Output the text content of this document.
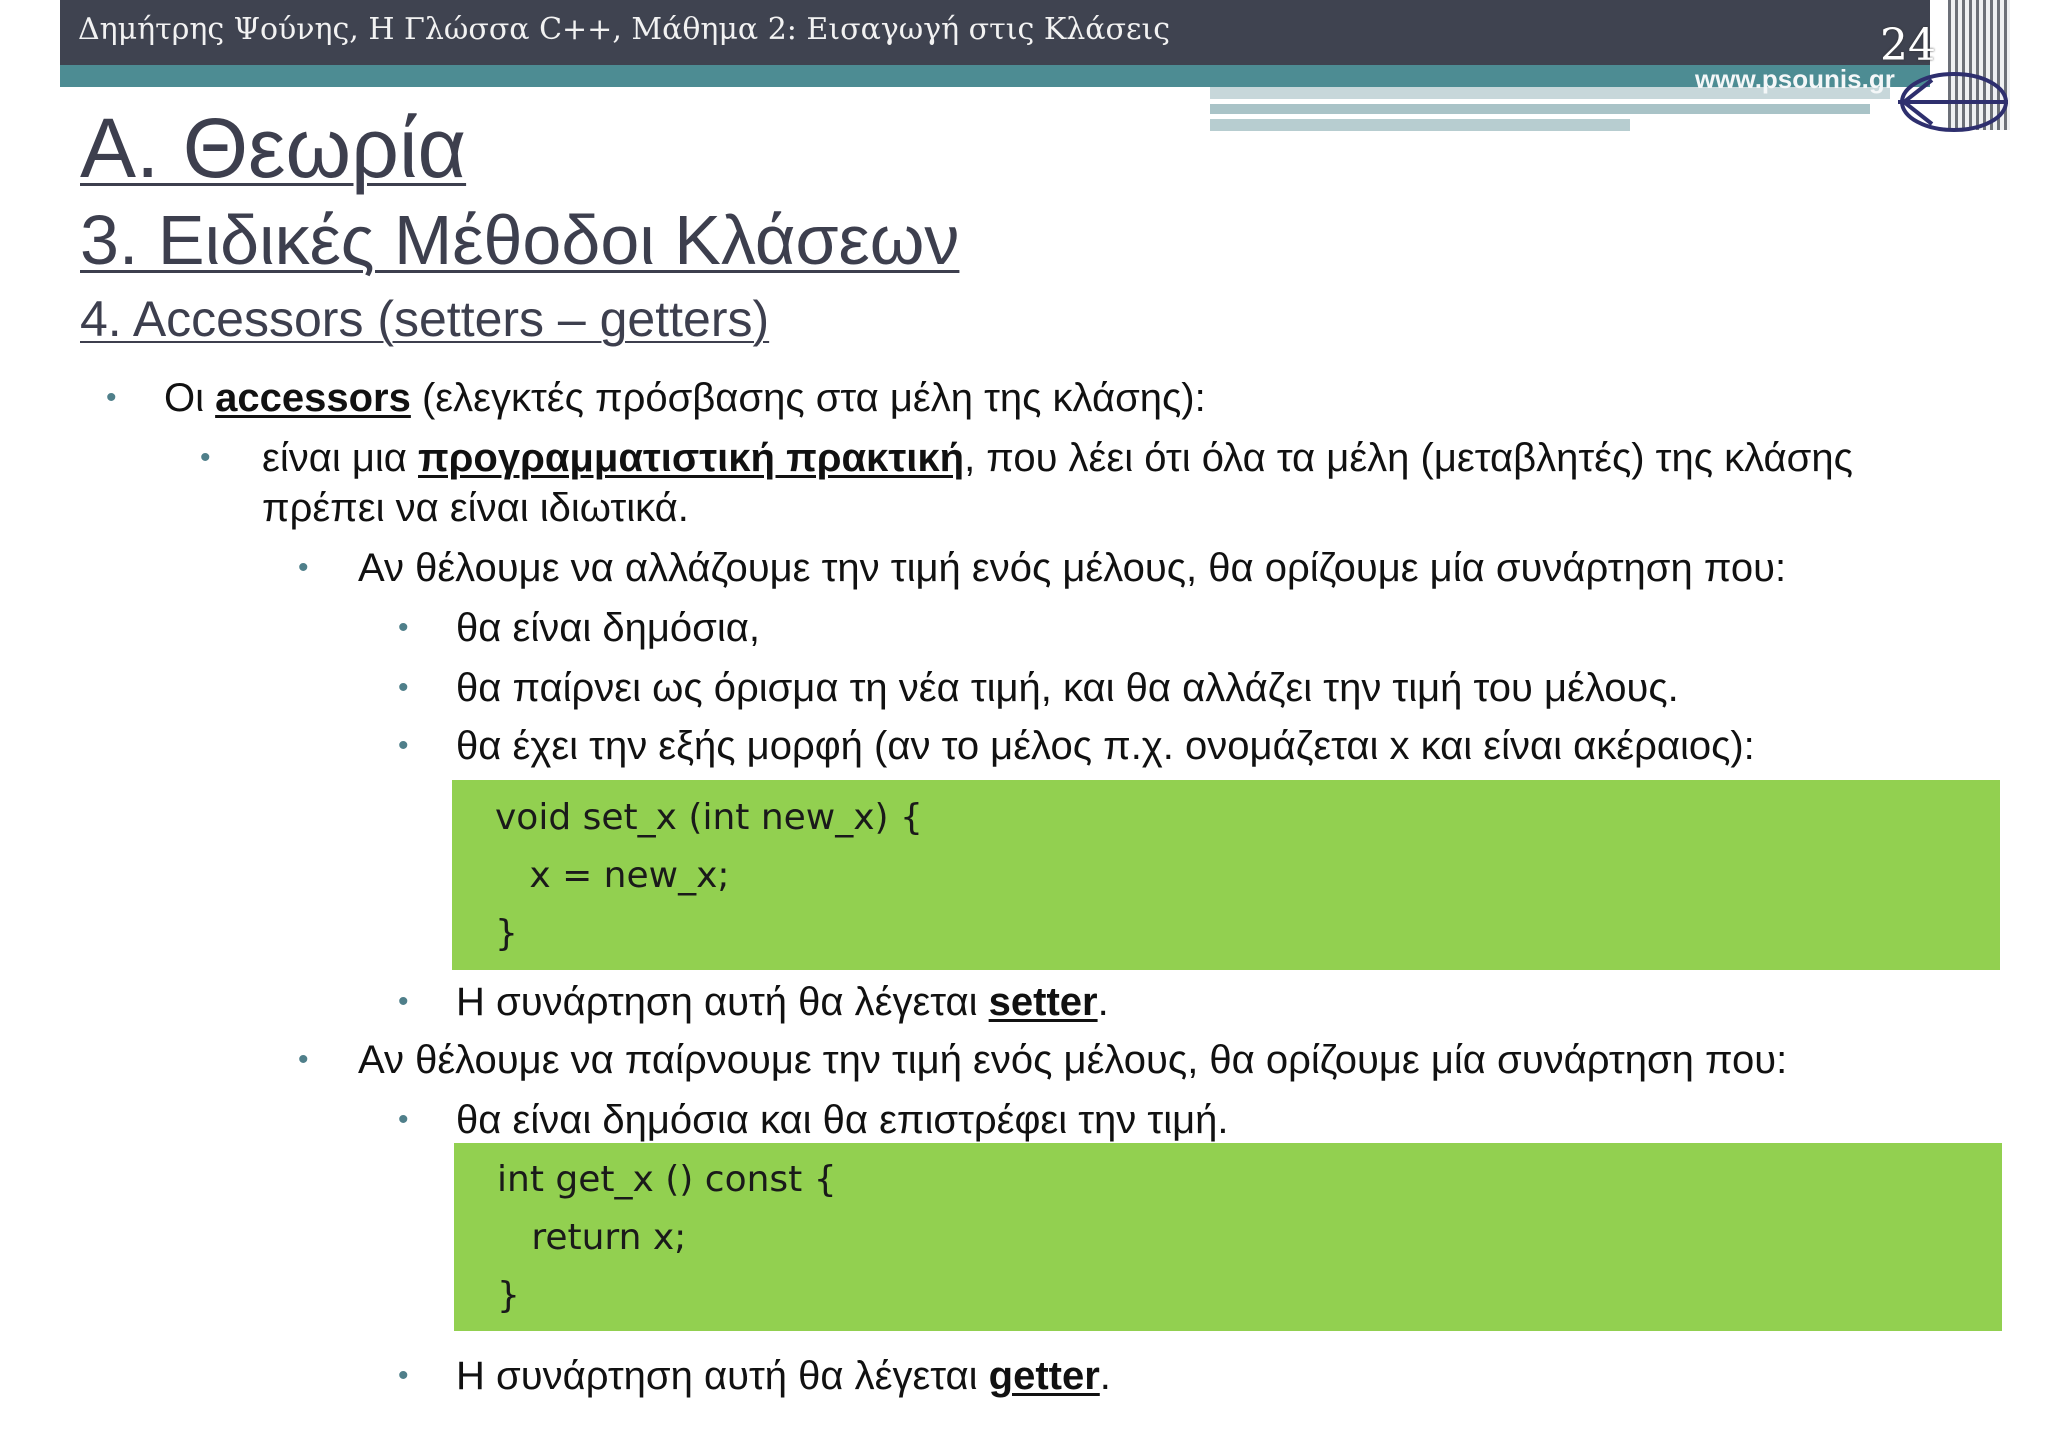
Δημήτρης Ψούνης, Η Γλώσσα C++, Μάθημα 2: Εισαγωγή στις Κλάσεις	24
www.psounis.gr
Α. Θεωρία
3. Ειδικές Μέθοδοι Κλάσεων
4. Accessors (setters – getters)
• Οι accessors (ελεγκτές πρόσβασης στα μέλη της κλάσης):
• είναι μια προγραμματιστική πρακτική, που λέει ότι όλα τα μέλη (μεταβλητές) της κλάσης
πρέπει να είναι ιδιωτικά.
• Αν θέλουμε να αλλάζουμε την τιμή ενός μέλους, θα ορίζουμε μία συνάρτηση που:
• θα είναι δημόσια,
• θα παίρνει ως όρισμα τη νέα τιμή, και θα αλλάζει την τιμή του μέλους.
• θα έχει την εξής μορφή (αν το μέλος π.χ. ονομάζεται x και είναι ακέραιος):
void set_x (int new_x) {
x = new_x;
}
• Η συνάρτηση αυτή θα λέγεται setter.
• Αν θέλουμε να παίρνουμε την τιμή ενός μέλους, θα ορίζουμε μία συνάρτηση που:
• θα είναι δημόσια και θα επιστρέφει την τιμή.
int get_x () const {
return x;
}
• Η συνάρτηση αυτή θα λέγεται getter.
